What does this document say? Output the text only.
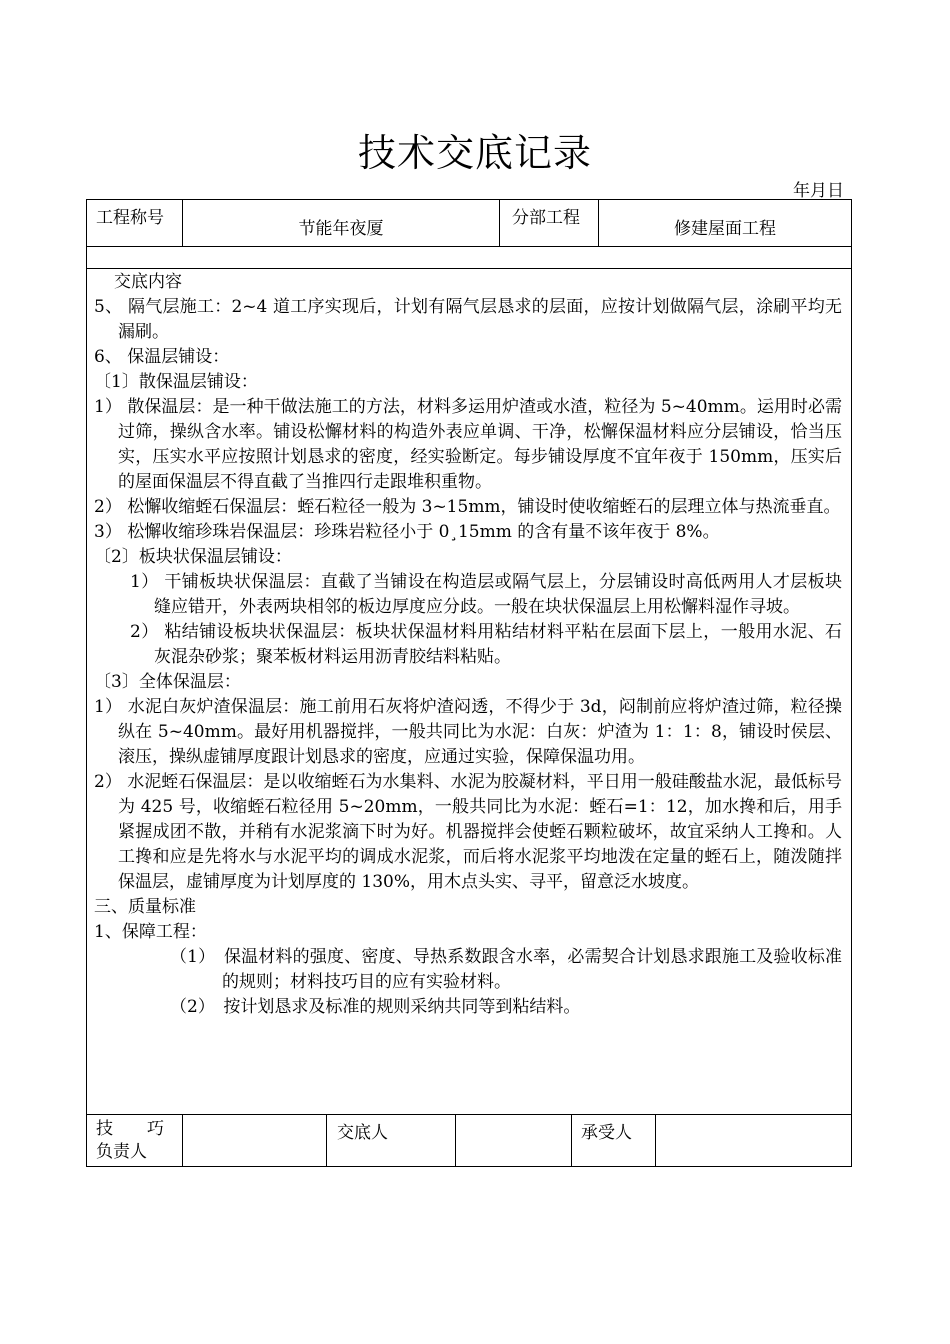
技术交底记录
年月日
工程称号
节能年夜厦
分部工程
修建屋面工程

交底内容

5、 隔气层施工：2~4 道工序实现后，计划有隔气层恳求的层面，应按计划做隔气层，涂刷平均无漏刷。

6、 保温层铺设：

〔1〕散保温层铺设：

1） 散保温层：是一种干做法施工的方法，材料多运用炉渣或水渣，粒径为 5~40mm。运用时必需过筛，操纵含水率。铺设松懈材料的构造外表应单调、干净，松懈保温材料应分层铺设，恰当压实，压实水平应按照计划恳求的密度，经实验断定。每步铺设厚度不宜年夜于 150mm，压实后的屋面保温层不得直截了当推四行走跟堆积重物。

2） 松懈收缩蛭石保温层：蛭石粒径一般为 3~15mm，铺设时使收缩蛭石的层理立体与热流垂直。

3） 松懈收缩珍珠岩保温层：珍珠岩粒径小于 0¸15mm 的含有量不该年夜于 8%。

〔2〕板块状保温层铺设：

1） 干铺板块状保温层：直截了当铺设在构造层或隔气层上，分层铺设时高低两用人才层板块缝应错开，外表两块相邻的板边厚度应分歧。一般在块状保温层上用松懈料湿作寻坡。

2） 粘结铺设板块状保温层：板块状保温材料用粘结材料平粘在层面下层上，一般用水泥、石灰混杂砂浆；聚苯板材料运用沥青胶结料粘贴。

〔3〕全体保温层：

1） 水泥白灰炉渣保温层：施工前用石灰将炉渣闷透，不得少于 3d，闷制前应将炉渣过筛，粒径操纵在 5~40mm。最好用机器搅拌，一般共同比为水泥：白灰：炉渣为 1：1：8，铺设时侯层、滚压，操纵虚铺厚度跟计划恳求的密度，应通过实验，保障保温功用。

2） 水泥蛭石保温层：是以收缩蛭石为水集料、水泥为胶凝材料，平日用一般硅酸盐水泥，最低标号为 425 号，收缩蛭石粒径用 5~20mm，一般共同比为水泥：蛭石=1：12，加水搀和后，用手紧握成团不散，并稍有水泥浆滴下时为好。机器搅拌会使蛭石颗粒破坏，故宜采纳人工搀和。人工搀和应是先将水与水泥平均的调成水泥浆，而后将水泥浆平均地泼在定量的蛭石上，随泼随拌保温层，虚铺厚度为计划厚度的 130%，用木点头实、寻平，留意泛水坡度。

三、质量标准

1、保障工程：

（1）　保温材料的强度、密度、导热系数跟含水率，必需契合计划恳求跟施工及验收标准的规则；材料技巧目的应有实验材料。

（2）　按计划恳求及标准的规则采纳共同等到粘结料。

技　　巧
负责人
交底人	承受人
